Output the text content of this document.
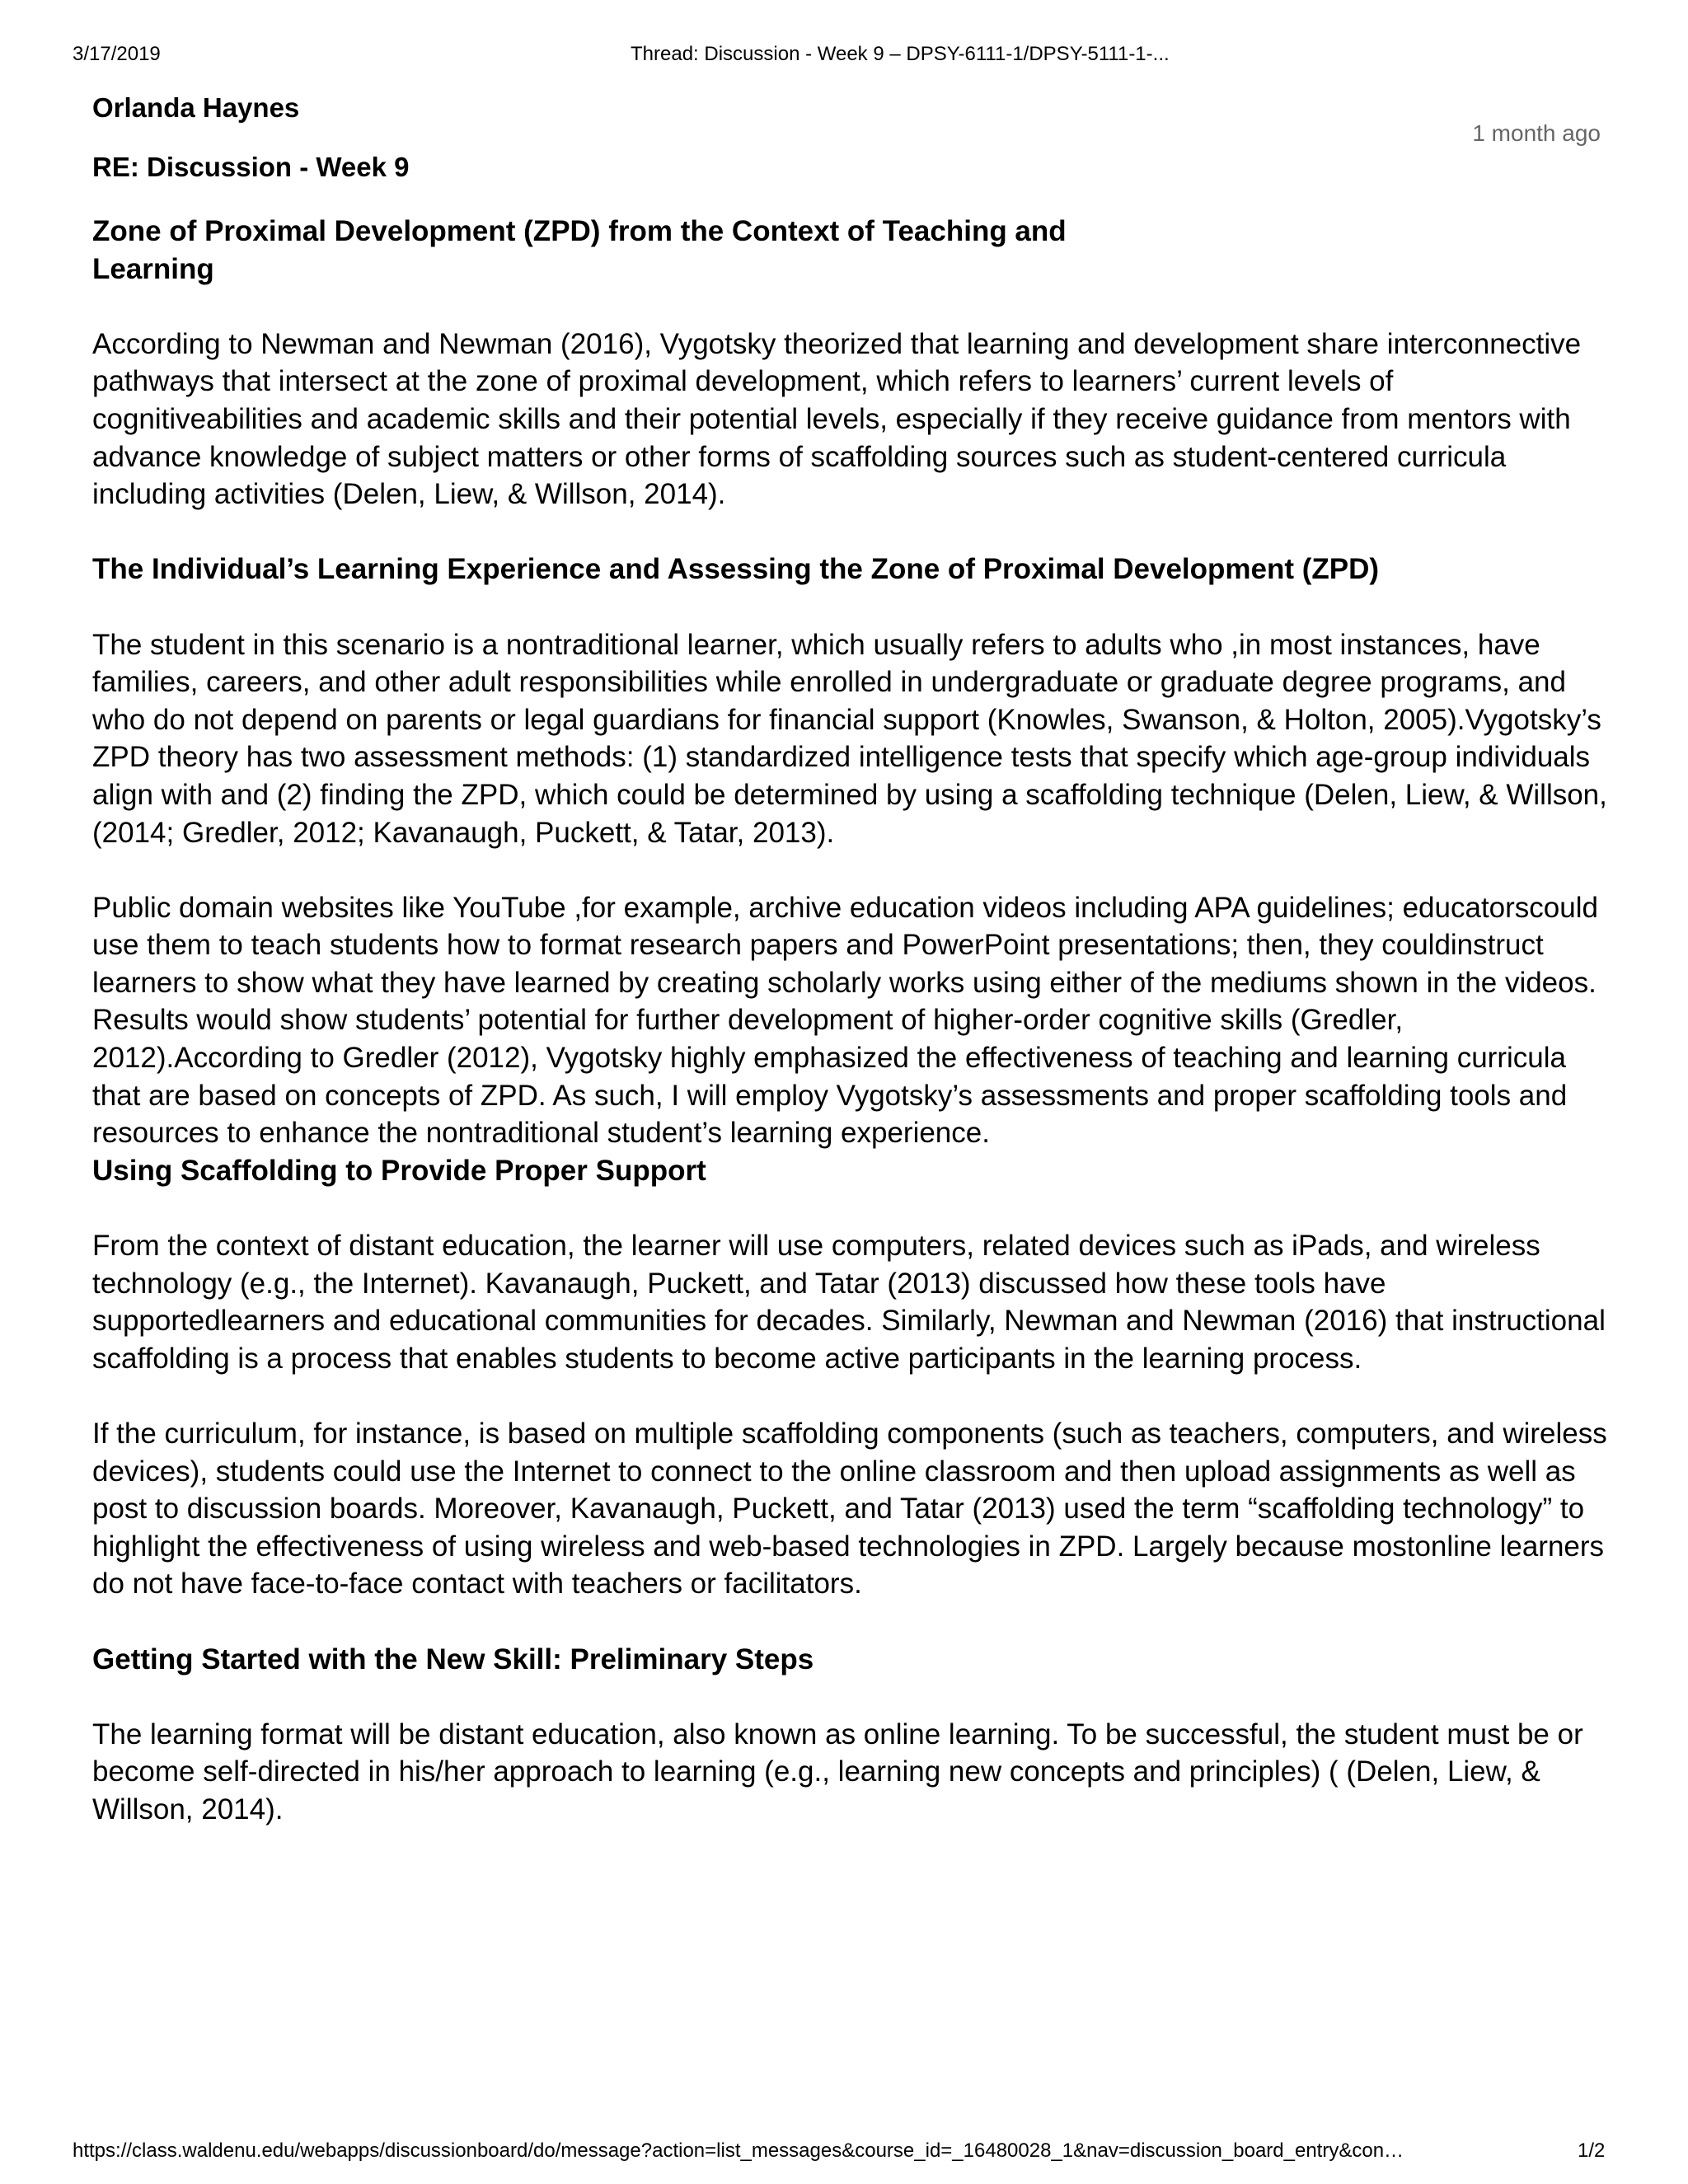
3/17/2019	Thread: Discussion - Week 9 – DPSY-6111-1/DPSY-5111-1-...
Orlanda Haynes
1 month ago
RE: Discussion - Week 9

Zone of Proximal Development (ZPD) from the Context of Teaching and Learning

According to Newman and Newman (2016), Vygotsky theorized that learning and development share interconnective pathways that intersect at the zone of proximal development, which refers to learners’ current levels of cognitiveabilities and academic skills and their potential levels, especially if they receive guidance from mentors with advance knowledge of subject matters or other forms of scaffolding sources such as student-centered curricula including activities (Delen, Liew, & Willson, 2014).

The Individual’s Learning Experience and Assessing the Zone of Proximal Development (ZPD)

The student in this scenario is a nontraditional learner, which usually refers to adults who ,in most instances, have families, careers, and other adult responsibilities while enrolled in undergraduate or graduate degree programs, and who do not depend on parents or legal guardians for financial support (Knowles, Swanson, & Holton, 2005).Vygotsky’s ZPD theory has two assessment methods: (1) standardized intelligence tests that specify which age-group individuals align with and (2) finding the ZPD, which could be determined by using a scaffolding technique (Delen, Liew, & Willson, (2014; Gredler, 2012; Kavanaugh, Puckett, & Tatar, 2013).

Public domain websites like YouTube ,for example, archive education videos including APA guidelines; educatorscould use them to teach students how to format research papers and PowerPoint presentations; then, they couldinstruct learners to show what they have learned by creating scholarly works using either of the mediums shown in the videos. Results would show students’ potential for further development of higher-order cognitive skills (Gredler, 2012).According to Gredler (2012), Vygotsky highly emphasized the effectiveness of teaching and learning curricula that are based on concepts of ZPD. As such, I will employ Vygotsky’s assessments and proper scaffolding tools and resources to enhance the nontraditional student’s learning experience.

Using Scaffolding to Provide Proper Support

From the context of distant education, the learner will use computers, related devices such as iPads, and wireless technology (e.g., the Internet). Kavanaugh, Puckett, and Tatar (2013) discussed how these tools have supportedlearners and educational communities for decades. Similarly, Newman and Newman (2016) that instructional scaffolding is a process that enables students to become active participants in the learning process.

If the curriculum, for instance, is based on multiple scaffolding components (such as teachers, computers, and wireless devices), students could use the Internet to connect to the online classroom and then upload assignments as well as post to discussion boards. Moreover, Kavanaugh, Puckett, and Tatar (2013) used the term “scaffolding technology” to highlight the effectiveness of using wireless and web-based technologies in ZPD. Largely because mostonline learners do not have face-to-face contact with teachers or facilitators.

Getting Started with the New Skill: Preliminary Steps

The learning format will be distant education, also known as online learning. To be successful, the student must be or become self-directed in his/her approach to learning (e.g., learning new concepts and principles) ( (Delen, Liew, & Willson, 2014).

https://class.waldenu.edu/webapps/discussionboard/do/message?action=list_messages&course_id=_16480028_1&nav=discussion_board_entry&con…	1/2
